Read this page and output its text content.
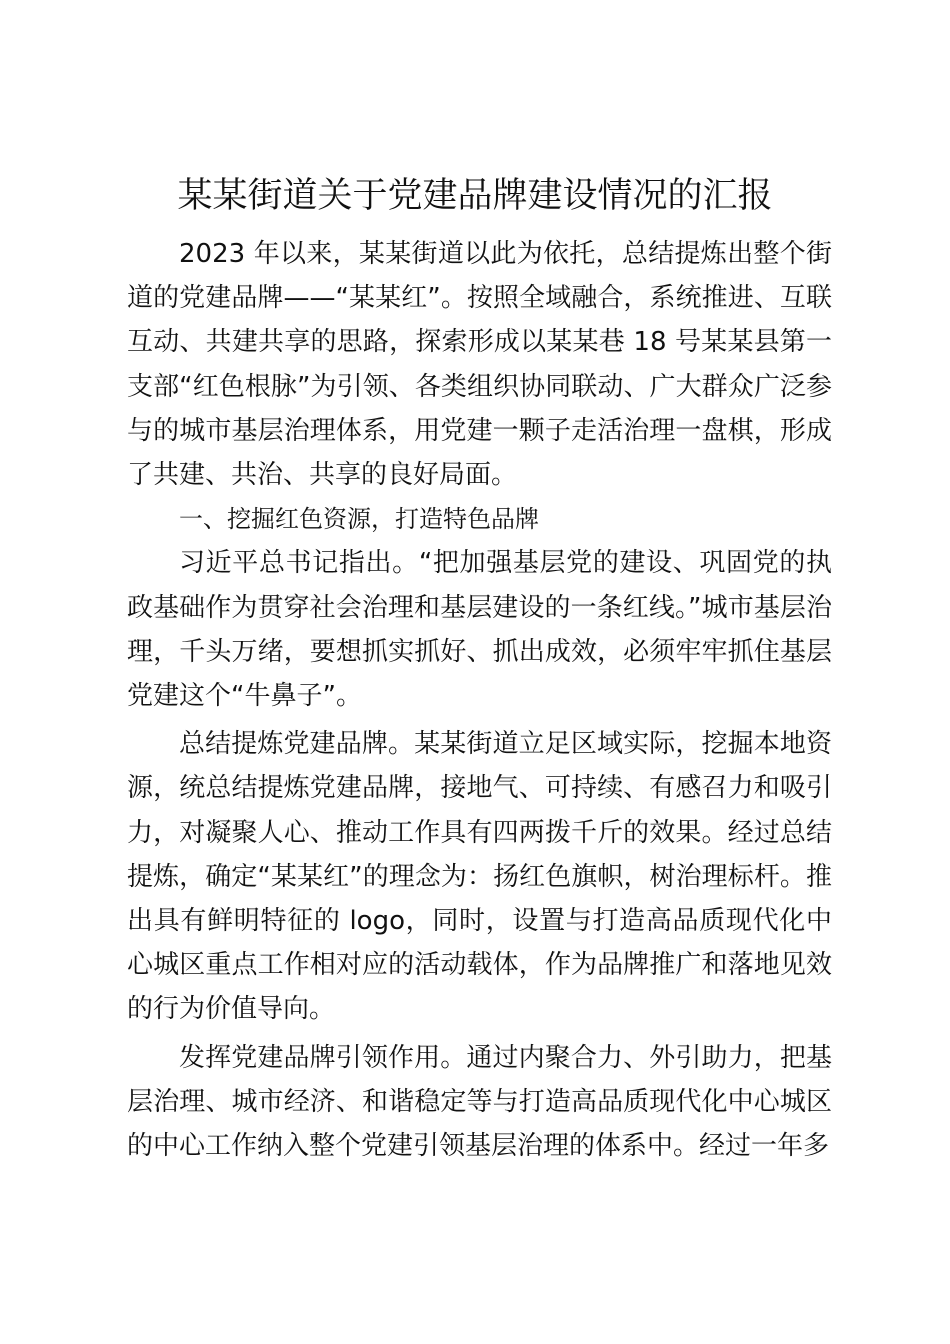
某某街道关于党建品牌建设情况的汇报

2023 年以来，某某街道以此为依托，总结提炼出整个街道的党建品牌——“某某红”。按照全域融合，系统推进、互联互动、共建共享的思路，探索形成以某某巷 18 号某某县第一支部“红色根脉”为引领、各类组织协同联动、广大群众广泛参与的城市基层治理体系，用党建一颗子走活治理一盘棋，形成了共建、共治、共享的良好局面。

一、挖掘红色资源，打造特色品牌

习近平总书记指出。“把加强基层党的建设、巩固党的执政基础作为贯穿社会治理和基层建设的一条红线。”城市基层治理，千头万绪，要想抓实抓好、抓出成效，必须牢牢抓住基层党建这个“牛鼻子”。

总结提炼党建品牌。某某街道立足区域实际，挖掘本地资源，统总结提炼党建品牌，接地气、可持续、有感召力和吸引力，对凝聚人心、推动工作具有四两拨千斤的效果。经过总结提炼，确定“某某红”的理念为：扬红色旗帜，树治理标杆。推出具有鲜明特征的 logo，同时，设置与打造高品质现代化中心城区重点工作相对应的活动载体，作为品牌推广和落地见效的行为价值导向。

发挥党建品牌引领作用。通过内聚合力、外引助力，把基层治理、城市经济、和谐稳定等与打造高品质现代化中心城区的中心工作纳入整个党建引领基层治理的体系中。经过一年多
